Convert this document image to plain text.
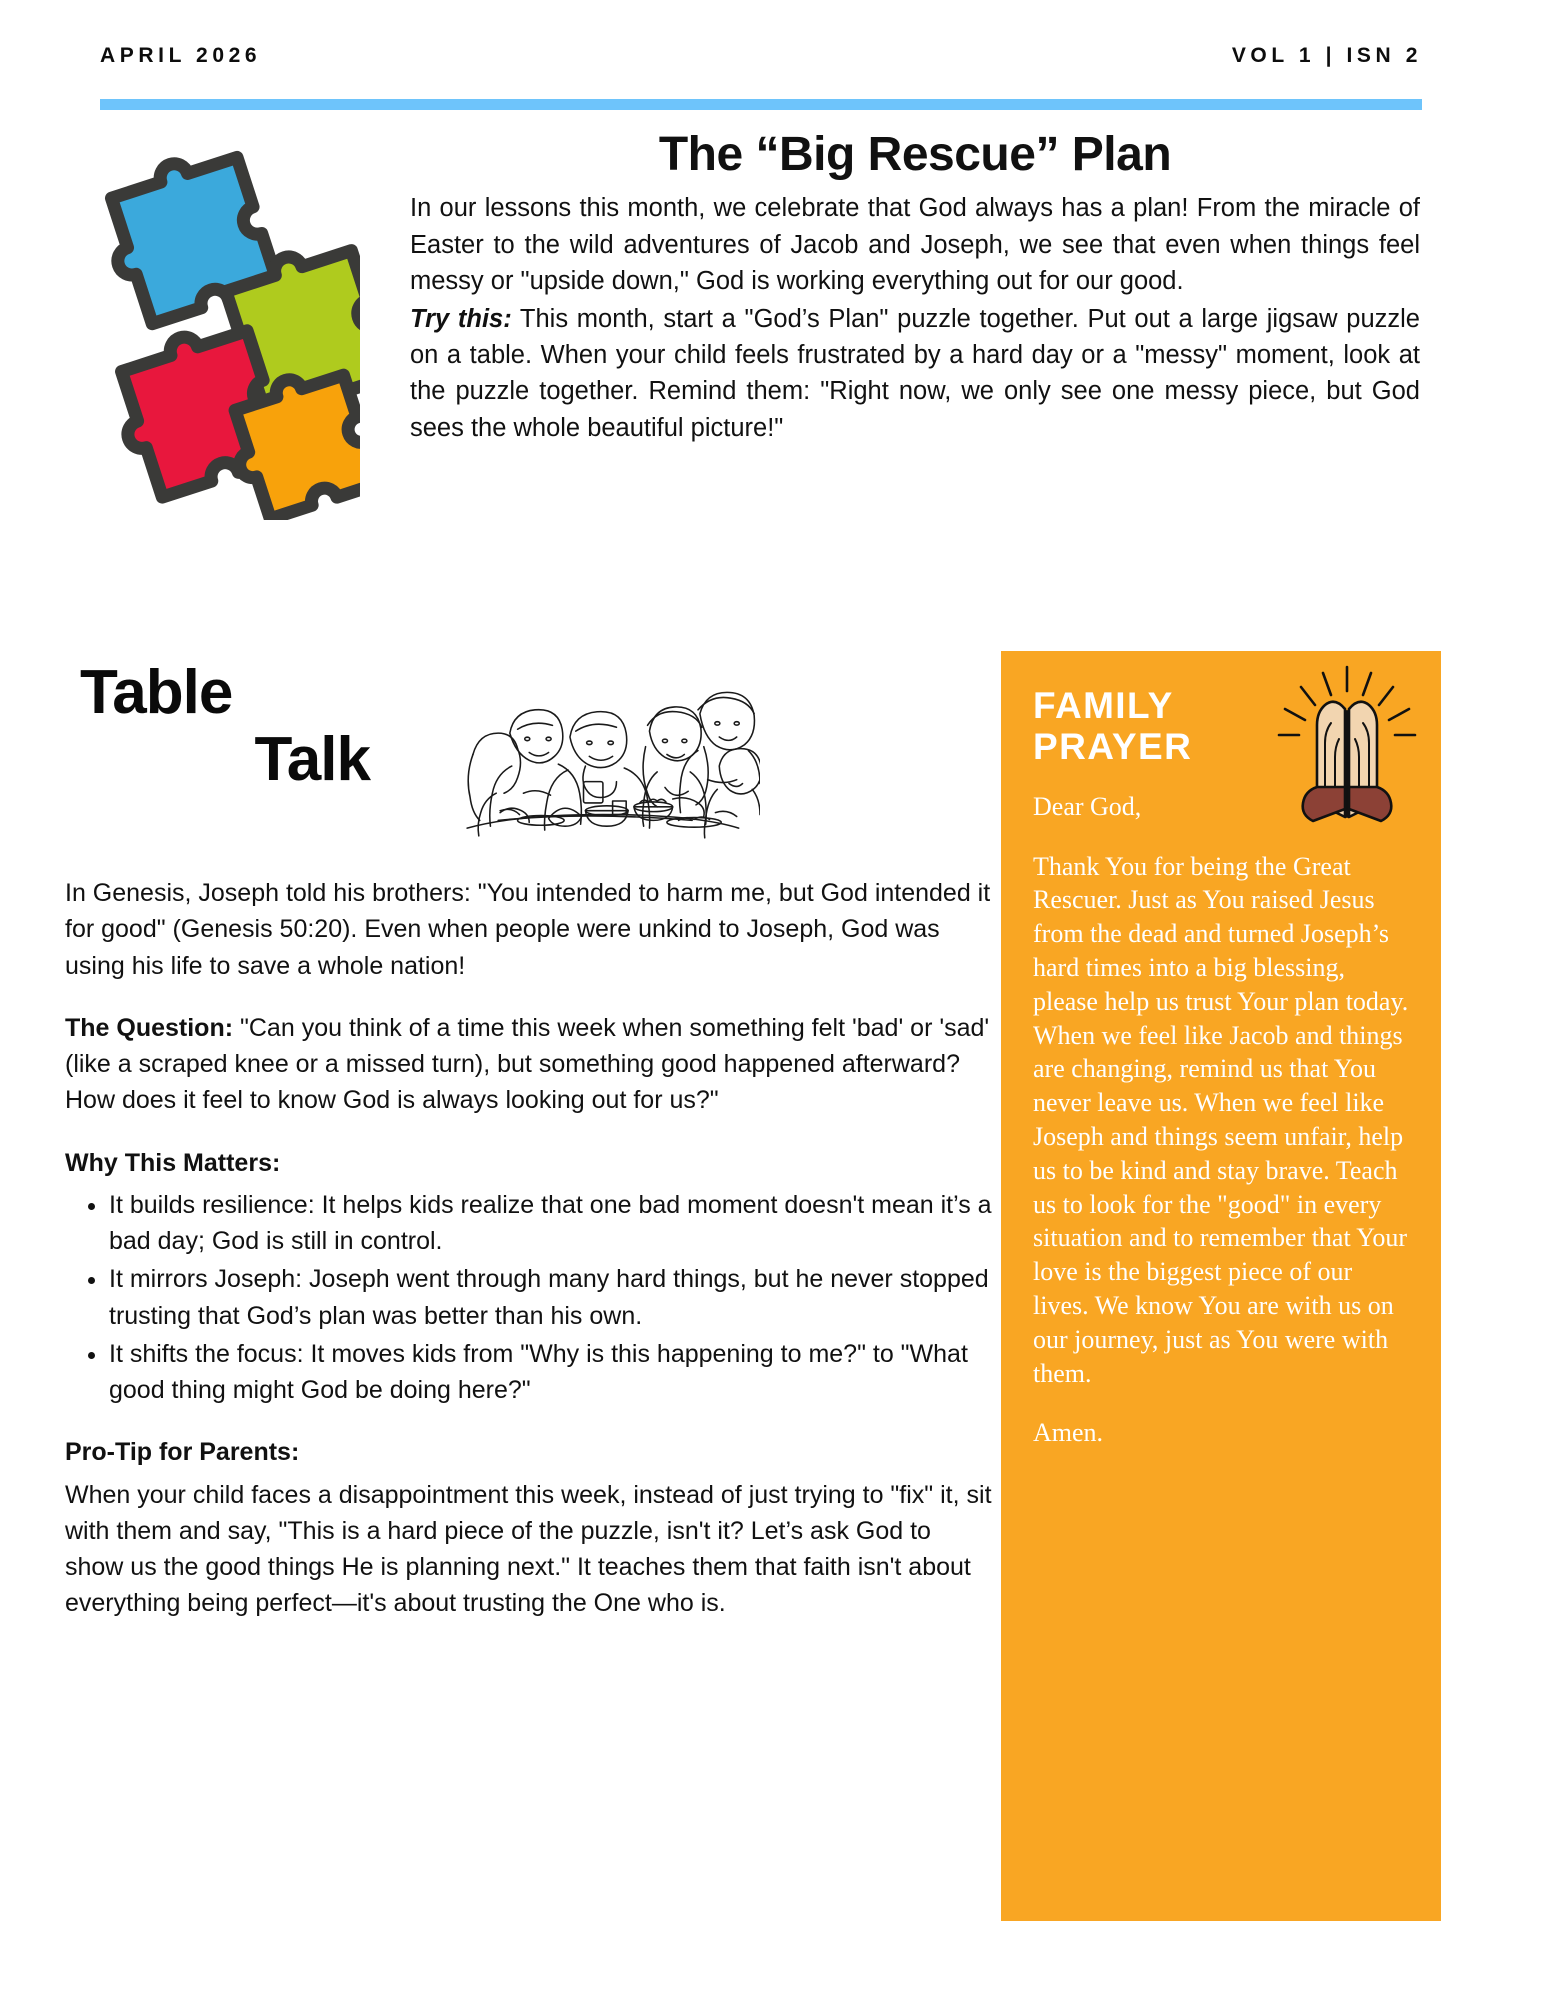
APRIL 2026	VOL 1 | ISN 2
The “Big Rescue” Plan

In our lessons this month, we celebrate that God always has a plan! From the miracle of Easter to the wild adventures of Jacob and Joseph, we see that even when things feel messy or "upside down," God is working everything out for our good.

Try this: This month, start a "God’s Plan" puzzle together. Put out a large jigsaw puzzle on a table. When your child feels frustrated by a hard day or a "messy" moment, look at the puzzle together. Remind them: "Right now, we only see one messy piece, but God sees the whole beautiful picture!"

Table
Talk

In Genesis, Joseph told his brothers: "You intended to harm me, but God intended it for good" (Genesis 50:20). Even when people were unkind to Joseph, God was using his life to save a whole nation!

The Question: "Can you think of a time this week when something felt 'bad' or 'sad' (like a scraped knee or a missed turn), but something good happened afterward? How does it feel to know God is always looking out for us?"

Why This Matters:

• It builds resilience: It helps kids realize that one bad moment doesn't mean it’s a bad day; God is still in control.
• It mirrors Joseph: Joseph went through many hard things, but he never stopped trusting that God’s plan was better than his own.
• It shifts the focus: It moves kids from "Why is this happening to me?" to "What good thing might God be doing here?"

Pro-Tip for Parents:

When your child faces a disappointment this week, instead of just trying to "fix" it, sit with them and say, "This is a hard piece of the puzzle, isn't it? Let’s ask God to show us the good things He is planning next." It teaches them that faith isn't about everything being perfect—it's about trusting the One who is.

FAMILY
PRAYER

Dear God,

Thank You for being the Great Rescuer. Just as You raised Jesus from the dead and turned Joseph’s hard times into a big blessing, please help us trust Your plan today. When we feel like Jacob and things are changing, remind us that You never leave us. When we feel like Joseph and things seem unfair, help us to be kind and stay brave. Teach us to look for the "good" in every situation and to remember that Your love is the biggest piece of our lives. We know You are with us on our journey, just as You were with them.

Amen.
